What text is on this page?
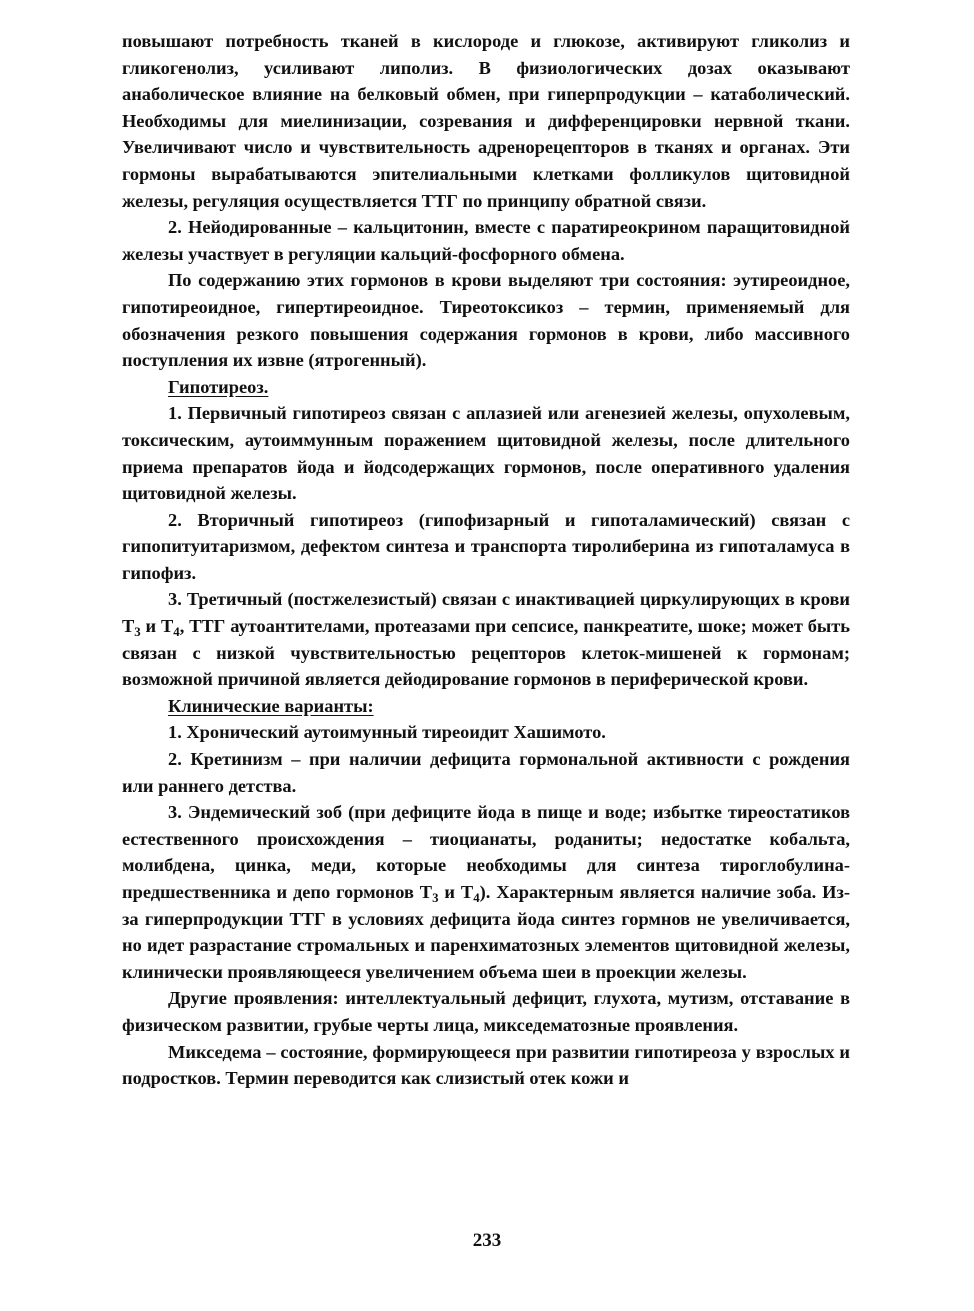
повышают потребность тканей в кислороде и глюкозе, активируют гликолиз и гликогенолиз, усиливают липолиз. В физиологических дозах оказывают анаболическое влияние на белковый обмен, при гиперпродукции – катаболический. Необходимы для миелинизации, созревания и дифференцировки нервной ткани. Увеличивают число и чувствительность адренорецепторов в тканях и органах. Эти гормоны вырабатываются эпителиальными клетками фолликулов щитовидной железы, регуляция осуществляется ТТГ по принципу обратной связи.

2. Нейодированные – кальцитонин, вместе с паратиреокрином паращитовидной железы участвует в регуляции кальций-фосфорного обмена.

По содержанию этих гормонов в крови выделяют три состояния: эутиреоидное, гипотиреоидное, гипертиреоидное. Тиреотоксикоз – термин, применяемый для обозначения резкого повышения содержания гормонов в крови, либо массивного поступления их извне (ятрогенный).

Гипотиреоз.

1. Первичный гипотиреоз связан с аплазией или агенезией железы, опухолевым, токсическим, аутоиммунным поражением щитовидной железы, после длительного приема препаратов йода и йодсодержащих гормонов, после оперативного удаления щитовидной железы.

2. Вторичный гипотиреоз (гипофизарный и гипоталамический) связан с гипопитуитаризмом, дефектом синтеза и транспорта тиролиберина из гипоталамуса в гипофиз.

3. Третичный (постжелезистый) связан с инактивацией циркулирующих в крови $Т_3$ и $Т_4$, ТТГ аутоантителами, протеазами при сепсисе, панкреатите, шоке; может быть связан с низкой чувствительностью рецепторов клеток-мишеней к гормонам; возможной причиной является дейодирование гормонов в периферической крови.

Клинические варианты:

1. Хронический аутоимунный тиреоидит Хашимото.

2. Кретинизм – при наличии дефицита гормональной активности с рождения или раннего детства.

3. Эндемический зоб (при дефиците йода в пище и воде; избытке тиреостатиков естественного происхождения – тиоцианаты, роданиты; недостатке кобальта, молибдена, цинка, меди, которые необходимы для синтеза тироглобулина-предшественника и депо гормонов $Т_3$ и $Т_4$). Характерным является наличие зоба. Из-за гиперпродукции ТТГ в условиях дефицита йода синтез гормнов не увеличивается, но идет разрастание стромальных и паренхиматозных элементов щитовидной железы, клинически проявляющееся увеличением объема шеи в проекции железы.

Другие проявления: интеллектуальный дефицит, глухота, мутизм, отставание в физическом развитии, грубые черты лица, микседематозные проявления.

Микседема – состояние, формирующееся при развитии гипотиреоза у взрослых и подростков. Термин переводится как слизистый отек кожи и

233
